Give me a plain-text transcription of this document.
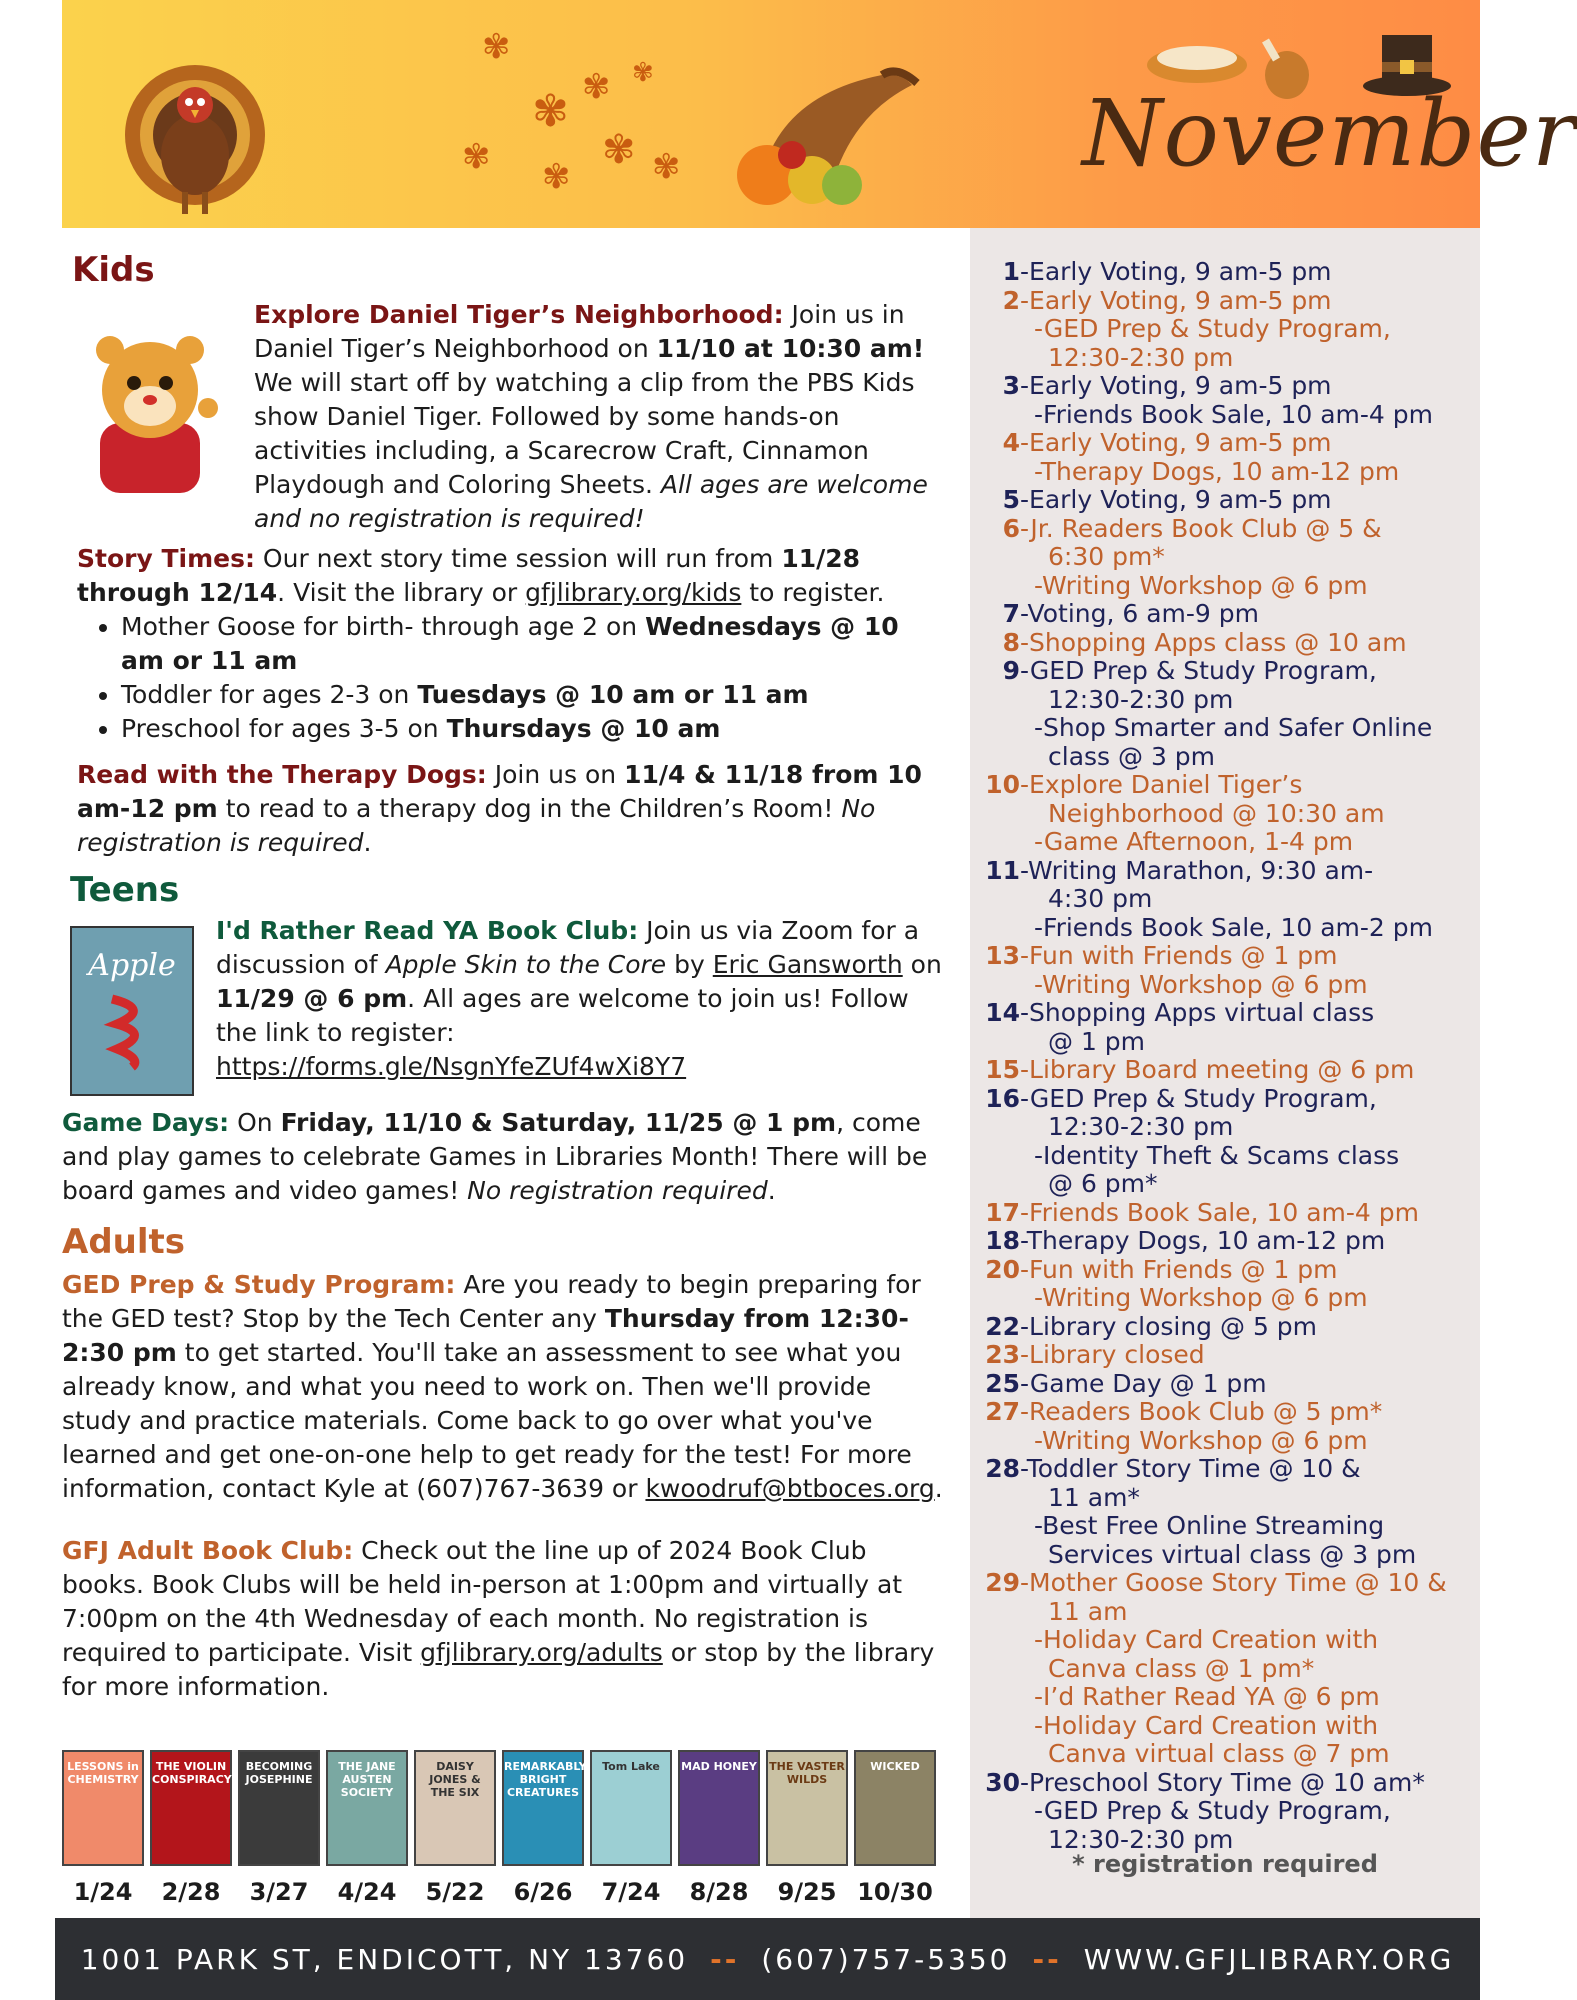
✾
✾ ✾
✾ ✾
✾ ✾
✾
November
Kids

Explore Daniel Tiger’s Neighborhood: Join us in Daniel Tiger’s Neighborhood on 11/10 at 10:30 am! We will start off by watching a clip from the PBS Kids show Daniel Tiger. Followed by some hands-on activities including, a Scarecrow Craft, Cinnamon Playdough and Coloring Sheets. All ages are welcome and no registration is required!

Story Times: Our next story time session will run from 11/28 through 12/14. Visit the library or gfjlibrary.org/kids to register.

• Mother Goose for birth- through age 2 on Wednesdays @ 10 am or 11 am
• Toddler for ages 2-3 on Tuesdays @ 10 am or 11 am
• Preschool for ages 3-5 on Thursdays @ 10 am

Read with the Therapy Dogs: Join us on 11/4 & 11/18 from 10 am-12 pm to read to a therapy dog in the Children’s Room! No registration is required.

Teens
Apple

I'd Rather Read YA Book Club: Join us via Zoom for a discussion of Apple Skin to the Core by Eric Gansworth on 11/29 @ 6 pm. All ages are welcome to join us! Follow the link to register:
https://forms.gle/NsgnYfeZUf4wXi8Y7

Game Days: On Friday, 11/10 & Saturday, 11/25 @ 1 pm, come and play games to celebrate Games in Libraries Month! There will be board games and video games! No registration required.

Adults

GED Prep & Study Program: Are you ready to begin preparing for the GED test? Stop by the Tech Center any Thursday from 12:30-2:30 pm to get started. You'll take an assessment to see what you already know, and what you need to work on. Then we'll provide study and practice materials. Come back to go over what you've learned and get one-on-one help to get ready for the test! For more information, contact Kyle at (607)767-3639 or kwoodruf@btboces.org.

GFJ Adult Book Club: Check out the line up of 2024 Book Club books. Book Clubs will be held in-person at 1:00pm and virtually at 7:00pm on the 4th Wednesday of each month. No registration is required to participate. Visit gfjlibrary.org/adults or stop by the library for more information.

LESSONS in CHEMISTRY
1/24
THE VIOLIN CONSPIRACY
2/28
BECOMING JOSEPHINE
3/27
THE JANE AUSTEN SOCIETY
4/24
DAISY JONES & THE SIX
5/22
REMARKABLY BRIGHT CREATURES
6/26
Tom Lake
7/24
MAD HONEY
8/28
THE VASTER WILDS
9/25
WICKED
10/30
1 -Early Voting, 9 am-5 pm
2 -Early Voting, 9 am-5 pm
-GED Prep & Study Program,
12:30-2:30 pm
3 -Early Voting, 9 am-5 pm
-Friends Book Sale, 10 am-4 pm
4 -Early Voting, 9 am-5 pm
-Therapy Dogs, 10 am-12 pm
5 -Early Voting, 9 am-5 pm
6 -Jr. Readers Book Club @ 5 &
6:30 pm*
-Writing Workshop @ 6 pm
7 -Voting, 6 am-9 pm
8 -Shopping Apps class @ 10 am
9 -GED Prep & Study Program,
12:30-2:30 pm
-Shop Smarter and Safer Online
class @ 3 pm
10 -Explore Daniel Tiger’s
Neighborhood @ 10:30 am
-Game Afternoon, 1-4 pm
11 -Writing Marathon, 9:30 am-
4:30 pm
-Friends Book Sale, 10 am-2 pm
13 -Fun with Friends @ 1 pm
-Writing Workshop @ 6 pm
14 -Shopping Apps virtual class
@ 1 pm
15 -Library Board meeting @ 6 pm
16 -GED Prep & Study Program,
12:30-2:30 pm
-Identity Theft & Scams class
@ 6 pm*
17 -Friends Book Sale, 10 am-4 pm
18 -Therapy Dogs, 10 am-12 pm
20 -Fun with Friends @ 1 pm
-Writing Workshop @ 6 pm
22 -Library closing @ 5 pm
23 -Library closed
25 -Game Day @ 1 pm
27 -Readers Book Club @ 5 pm*
-Writing Workshop @ 6 pm
28 -Toddler Story Time @ 10 &
11 am*
-Best Free Online Streaming
Services virtual class @ 3 pm
29 -Mother Goose Story Time @ 10 &
11 am
-Holiday Card Creation with
Canva class @ 1 pm*
-I’d Rather Read YA @ 6 pm
-Holiday Card Creation with
Canva virtual class @ 7 pm
30 -Preschool Story Time @ 10 am*
-GED Prep & Study Program,
12:30-2:30 pm
* registration required
1001 PARK ST, ENDICOTT, NY 13760 -- (607)757-5350 -- WWW.GFJLIBRARY.ORG
